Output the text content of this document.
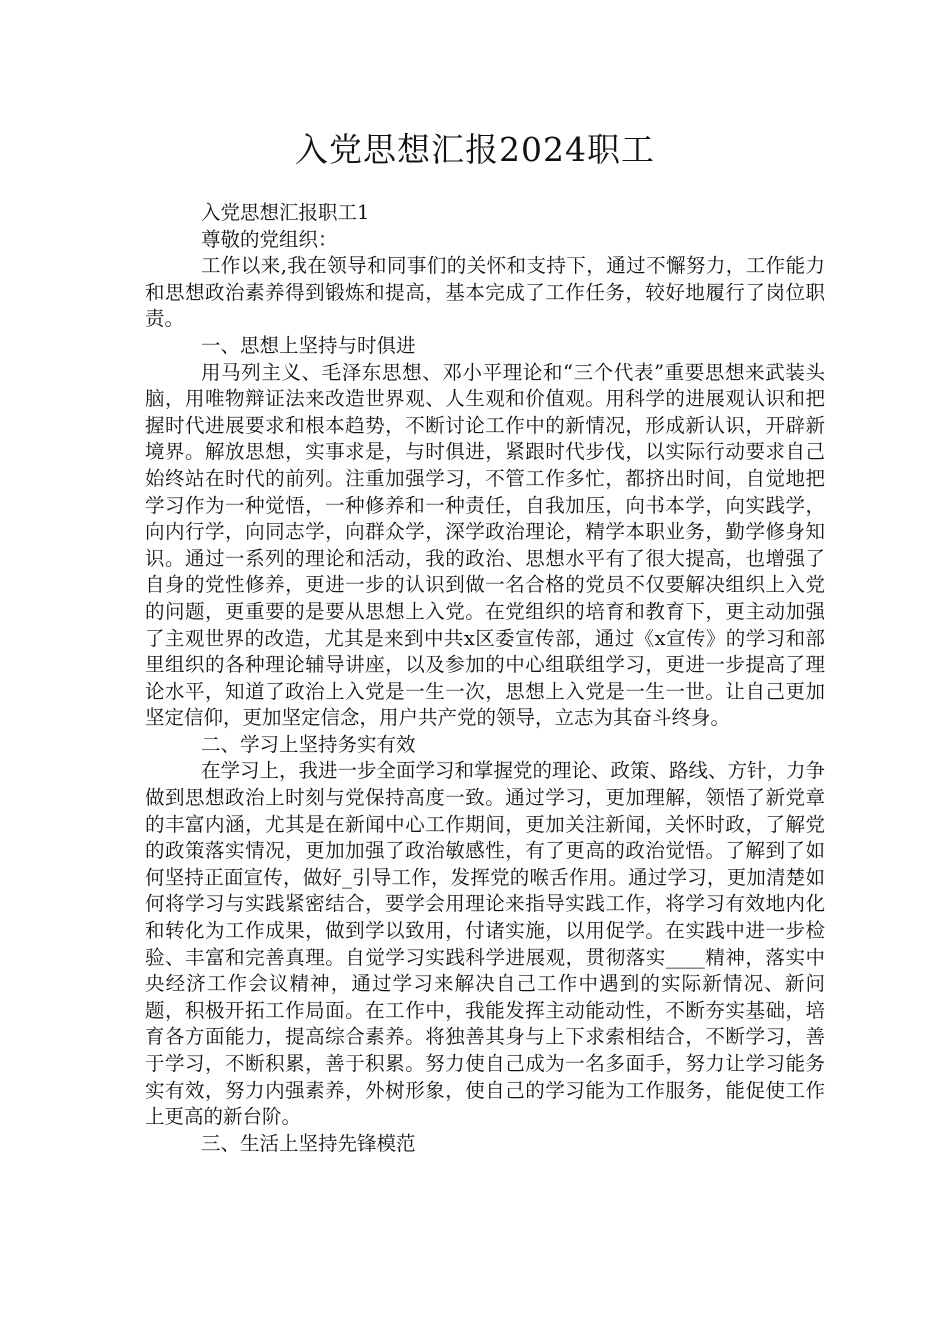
入党思想汇报2024职工

入党思想汇报职工1

尊敬的党组织：

工作以来,我在领导和同事们的关怀和支持下，通过不懈努力，工作能力和思想政治素养得到锻炼和提高，基本完成了工作任务，较好地履行了岗位职责。

一、思想上坚持与时俱进

用马列主义、毛泽东思想、邓小平理论和“三个代表”重要思想来武装头脑，用唯物辩证法来改造世界观、人生观和价值观。用科学的进展观认识和把握时代进展要求和根本趋势，不断讨论工作中的新情况，形成新认识，开辟新境界。解放思想，实事求是，与时俱进，紧跟时代步伐，以实际行动要求自己始终站在时代的前列。注重加强学习，不管工作多忙，都挤出时间，自觉地把学习作为一种觉悟，一种修养和一种责任，自我加压，向书本学，向实践学，向内行学，向同志学，向群众学，深学政治理论，精学本职业务，勤学修身知识。通过一系列的理论和活动，我的政治、思想水平有了很大提高，也增强了自身的党性修养，更进一步的认识到做一名合格的党员不仅要解决组织上入党的问题，更重要的是要从思想上入党。在党组织的培育和教育下，更主动加强了主观世界的改造，尤其是来到中共x区委宣传部，通过《x宣传》的学习和部里组织的各种理论辅导讲座，以及参加的中心组联组学习，更进一步提高了理论水平，知道了政治上入党是一生一次，思想上入党是一生一世。让自己更加坚定信仰，更加坚定信念，用户共产党的领导，立志为其奋斗终身。

二、学习上坚持务实有效

在学习上，我进一步全面学习和掌握党的理论、政策、路线、方针，力争做到思想政治上时刻与党保持高度一致。通过学习，更加理解，领悟了新党章的丰富内涵，尤其是在新闻中心工作期间，更加关注新闻，关怀时政，了解党的政策落实情况，更加加强了政治敏感性，有了更高的政治觉悟。了解到了如何坚持正面宣传，做好_引导工作，发挥党的喉舌作用。通过学习，更加清楚如何将学习与实践紧密结合，要学会用理论来指导实践工作，将学习有效地内化和转化为工作成果，做到学以致用，付诸实施，以用促学。在实践中进一步检验、丰富和完善真理。自觉学习实践科学进展观，贯彻落实____精神，落实中央经济工作会议精神，通过学习来解决自己工作中遇到的实际新情况、新问题，积极开拓工作局面。在工作中，我能发挥主动能动性，不断夯实基础，培育各方面能力，提高综合素养。将独善其身与上下求索相结合，不断学习，善于学习，不断积累，善于积累。努力使自己成为一名多面手，努力让学习能务实有效，努力内强素养，外树形象，使自己的学习能为工作服务，能促使工作上更高的新台阶。

三、生活上坚持先锋模范
